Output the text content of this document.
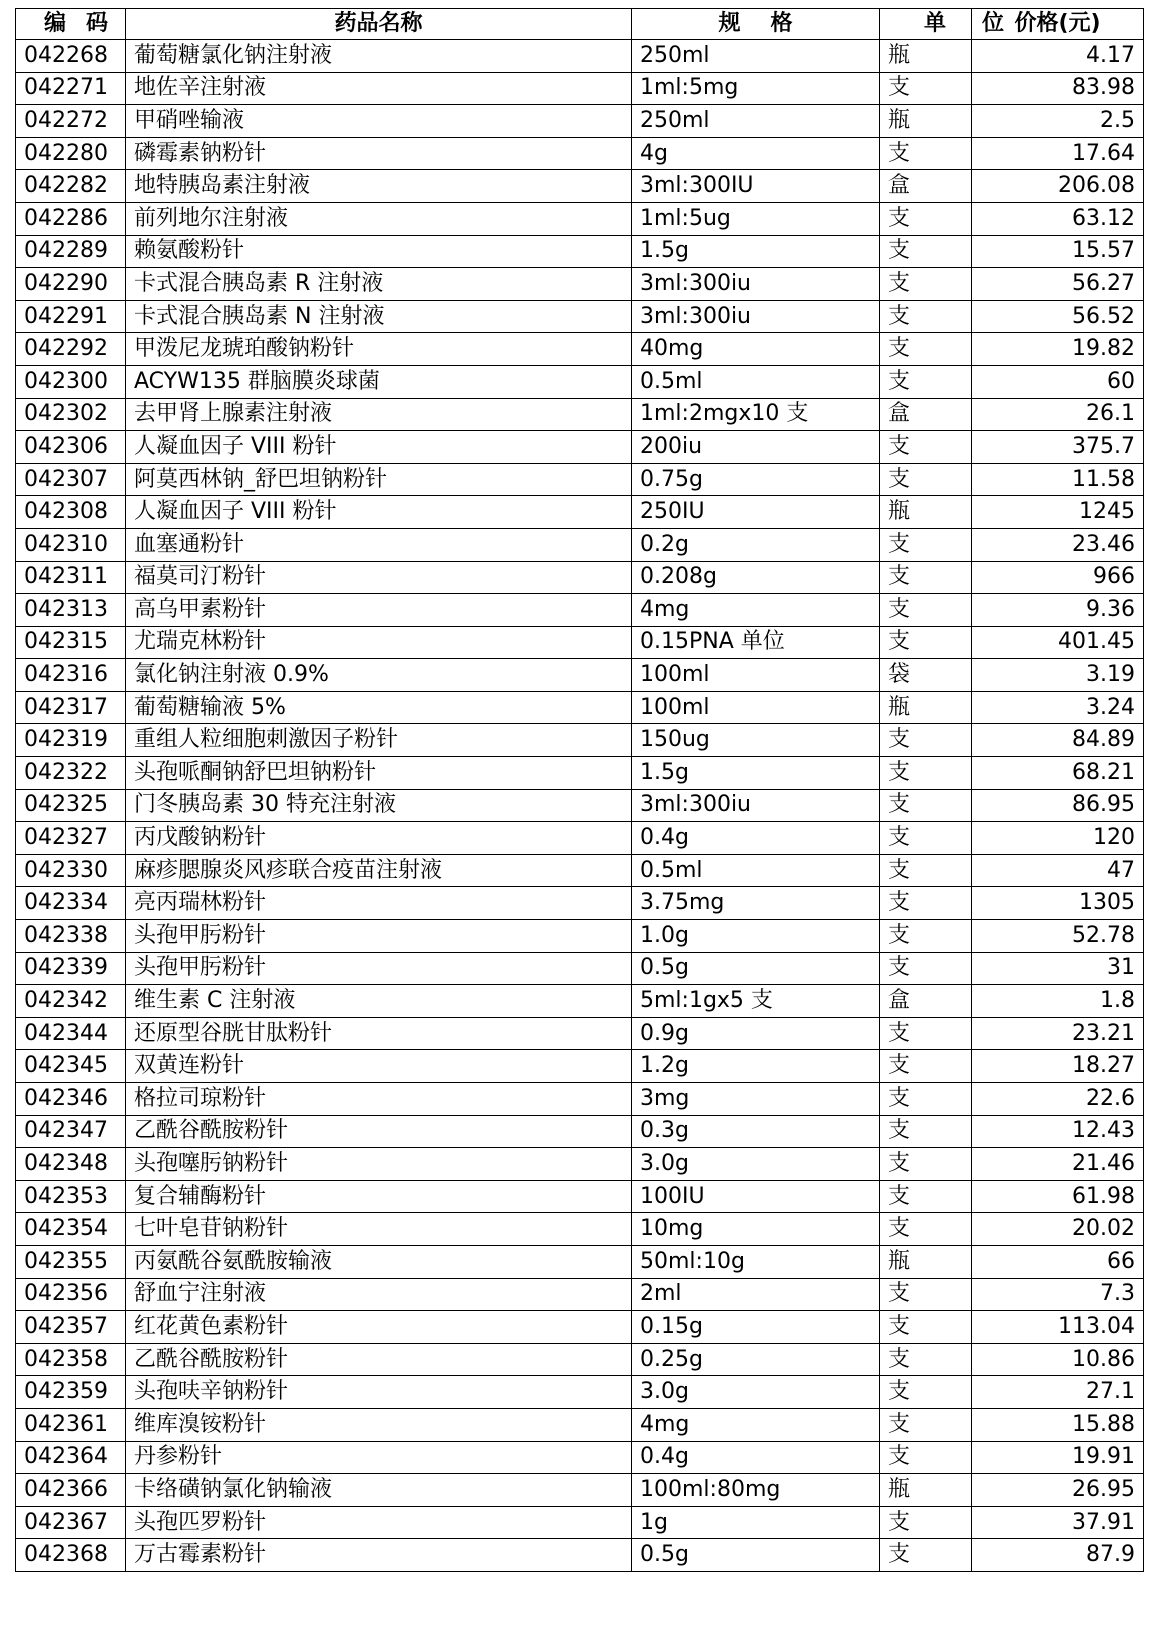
编码	药品名称	规格	单位	价格(元)
042268	葡萄糖氯化钠注射液	250ml	瓶	4.17
042271	地佐辛注射液	1ml:5mg	支	83.98
042272	甲硝唑输液	250ml	瓶	2.5
042280	磷霉素钠粉针	4g	支	17.64
042282	地特胰岛素注射液	3ml:300IU	盒	206.08
042286	前列地尔注射液	1ml:5ug	支	63.12
042289	赖氨酸粉针	1.5g	支	15.57
042290	卡式混合胰岛素 R 注射液	3ml:300iu	支	56.27
042291	卡式混合胰岛素 N 注射液	3ml:300iu	支	56.52
042292	甲泼尼龙琥珀酸钠粉针	40mg	支	19.82
042300	ACYW135 群脑膜炎球菌	0.5ml	支	60
042302	去甲肾上腺素注射液	1ml:2mgx10 支	盒	26.1
042306	人凝血因子 VIII 粉针	200iu	支	375.7
042307	阿莫西林钠_舒巴坦钠粉针	0.75g	支	11.58
042308	人凝血因子 VIII 粉针	250IU	瓶	1245
042310	血塞通粉针	0.2g	支	23.46
042311	福莫司汀粉针	0.208g	支	966
042313	高乌甲素粉针	4mg	支	9.36
042315	尤瑞克林粉针	0.15PNA 单位	支	401.45
042316	氯化钠注射液 0.9%	100ml	袋	3.19
042317	葡萄糖输液 5%	100ml	瓶	3.24
042319	重组人粒细胞刺激因子粉针	150ug	支	84.89
042322	头孢哌酮钠舒巴坦钠粉针	1.5g	支	68.21
042325	门冬胰岛素 30 特充注射液	3ml:300iu	支	86.95
042327	丙戊酸钠粉针	0.4g	支	120
042330	麻疹腮腺炎风疹联合疫苗注射液	0.5ml	支	47
042334	亮丙瑞林粉针	3.75mg	支	1305
042338	头孢甲肟粉针	1.0g	支	52.78
042339	头孢甲肟粉针	0.5g	支	31
042342	维生素 C 注射液	5ml:1gx5 支	盒	1.8
042344	还原型谷胱甘肽粉针	0.9g	支	23.21
042345	双黄连粉针	1.2g	支	18.27
042346	格拉司琼粉针	3mg	支	22.6
042347	乙酰谷酰胺粉针	0.3g	支	12.43
042348	头孢噻肟钠粉针	3.0g	支	21.46
042353	复合辅酶粉针	100IU	支	61.98
042354	七叶皂苷钠粉针	10mg	支	20.02
042355	丙氨酰谷氨酰胺输液	50ml:10g	瓶	66
042356	舒血宁注射液	2ml	支	7.3
042357	红花黄色素粉针	0.15g	支	113.04
042358	乙酰谷酰胺粉针	0.25g	支	10.86
042359	头孢呋辛钠粉针	3.0g	支	27.1
042361	维库溴铵粉针	4mg	支	15.88
042364	丹参粉针	0.4g	支	19.91
042366	卡络磺钠氯化钠输液	100ml:80mg	瓶	26.95
042367	头孢匹罗粉针	1g	支	37.91
042368	万古霉素粉针	0.5g	支	87.9
